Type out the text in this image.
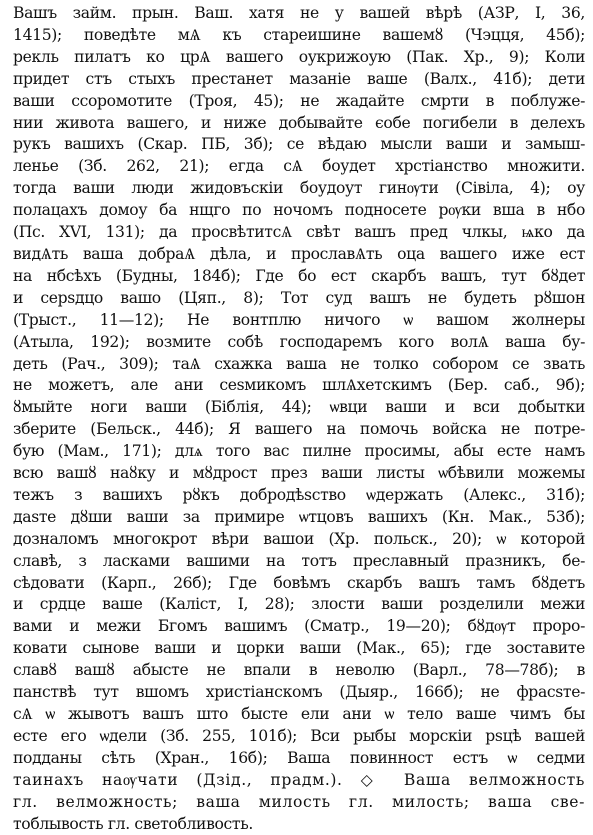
Вашъ займ. прын. Ваш. хатя не у вашей вѣрѣ (АЗР, І, 36,
1415); поведѣте мѦ къ стареишине вашемȣ (Чэцця, 45б);
рекль пилатъ ко црѦ вашего оукрижоую (Пак. Хр., 9); Коли
придет стъ стыхъ престанет мазаніе ваше (Валх., 41б); дети
ваши ссоромотите (Троя, 45); не жадайте смрти в поблуже-
нии живота вашего, и ниже добывайте єобе погибели в делехъ
рукъ вашихъ (Скар. ПБ, 3б); се вѣдаю мысли ваши и замыш-
ленье (Зб. 262, 21); егда сѦ боудет хрстіанство множити.
тогда ваши люди жидовъскіи боудоут гинѹти (Сівіла, 4); оу
полацахъ домоу ба нщго по ночомъ подносете рѹки вша в нбо
(Пс. XVI, 131); да просвѣтитсѦ свѣт вашъ пред члкы, ѩко да
видѦть ваша добраѦ дѣла, и прославѦть оца вашего иже ест
на нбсѣхъ (Будны, 184б); Где бо ест скарбъ вашъ, тут бȣдет
и серѕдцо вашо (Цяп., 8); Тот суд вашъ не будеть рȣшон
(Трыст., 11—12); Не вонтплю ничого ѡ вашом жолнеры
(Атыла, 192); возмите собѣ господаремъ кого волѦ ваша бу-
деть (Рач., 309); таѦ схажка ваша не толко собором се звать
не можетъ, але ани сеѕмикомъ шлѦхетскимъ (Бер. саб., 9б);
ȣмыйте ноги ваши (Біблія, 44); ѡвци ваши и вси добытки
зберите (Бельск., 44б); Я вашего на помочь войска не потре-
бую (Мам., 171); длѧ того вас пилне просимы, абы есте намъ
всю вашȣ наȣку и мȣдрост през ваши листы ѡбѣвили можемы
тежъ з вашихъ рȣкъ добродѣѕство ѡдержать (Алекс., 31б);
даѕте дȣши ваши за примире ѡтцовъ вашихъ (Кн. Мак., 53б);
дозналомъ многокрот вѣри вашои (Хр. польск., 20); ѡ которой
славѣ, з ласками вашими на тотъ преславный празникъ, бе-
сѣдовати (Карп., 26б); Где бовѣмъ скарбъ вашъ тамъ бȣдетъ
и срдце ваше (Каліст, І, 28); злости ваши розделили межи
вами и межи Бгомъ вашимъ (Сматр., 19—20); бȣдѹт проро-
ковати сынове ваши и цорки ваши (Мак., 65); где зоставите
славȣ вашȣ абысте не впали в неволю (Варл., 78—78б); в
панствѣ тут вшомъ христіанскомъ (Дыяр., 166б); не фрасѕте-
сѦ ѡ жывотъ вашъ што бысте ели ани ѡ тело ваше чимъ бы
есте его ѡдели (Зб. 255, 101б); Вси рыбы морскіи рѕцѣ вашей
подданы сѣть (Хран., 16б); Ваша повинност естъ ѡ седми
таинахъ наѹчати (Дзід., прадм.). ◇ Ваша велможность
гл. велможность; ваша милость гл. милость; ваша све-
тоблывость гл. светобливость.
